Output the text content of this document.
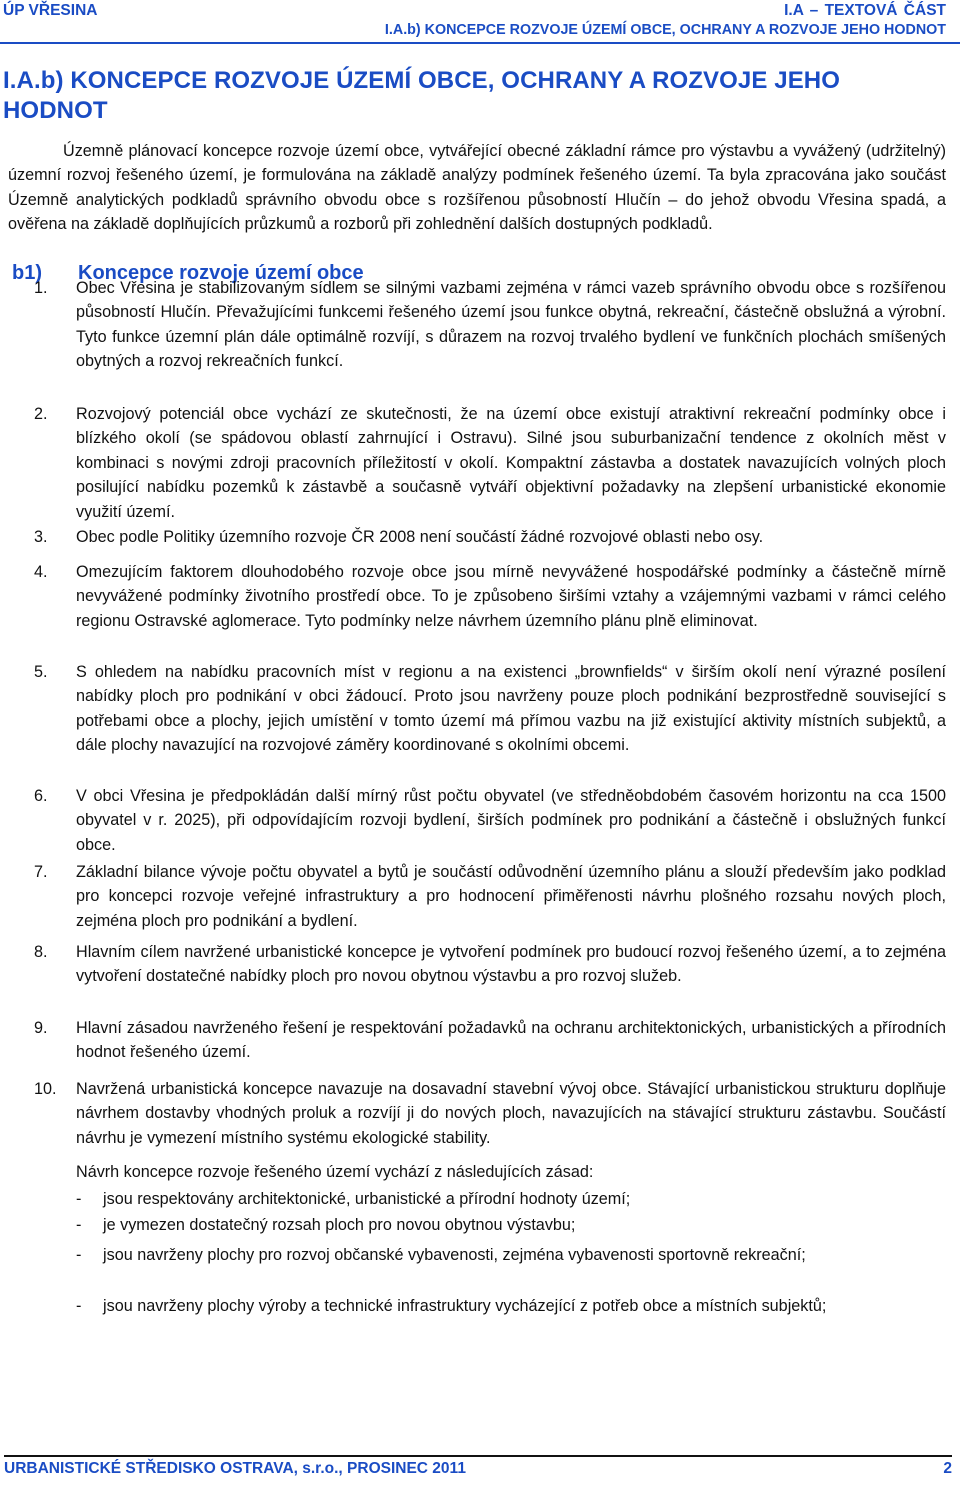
ÚP VŘESINA	I.A – TEXTOVÁ ČÁST
I.A.b) KONCEPCE ROZVOJE ÚZEMÍ OBCE, OCHRANY A ROZVOJE JEHO HODNOT
I.A.b) KONCEPCE ROZVOJE ÚZEMÍ OBCE, OCHRANY A ROZVOJE JEHO HODNOT
Územně plánovací koncepce rozvoje území obce, vytvářející obecné základní rámce pro výstavbu a vyvážený (udržitelný) územní rozvoj řešeného území, je formulována na základě analýzy podmínek řešeného území. Ta byla zpracována jako součást Územně analytických podkladů správního obvodu obce s rozšířenou působností Hlučín – do jehož obvodu Vřesina spadá, a ověřena na základě doplňujících průzkumů a rozborů při zohlednění dalších dostupných podkladů.
b1) Koncepce rozvoje území obce
1. Obec Vřesina je stabilizovaným sídlem se silnými vazbami zejména v rámci vazeb správního obvodu obce s rozšířenou působností Hlučín. Převažujícími funkcemi řešeného území jsou funkce obytná, rekreační, částečně obslužná a výrobní. Tyto funkce územní plán dále optimálně rozvíjí, s důrazem na rozvoj trvalého bydlení ve funkčních plochách smíšených obytných a rozvoj rekreačních funkcí.
2. Rozvojový potenciál obce vychází ze skutečnosti, že na území obce existují atraktivní rekreační podmínky obce i blízkého okolí (se spádovou oblastí zahrnující i Ostravu). Silné jsou suburbanizační tendence z okolních měst v kombinaci s novými zdroji pracovních příležitostí v okolí. Kompaktní zástavba a dostatek navazujících volných ploch posilující nabídku pozemků k zástavbě a současně vytváří objektivní požadavky na zlepšení urbanistické ekonomie využití území.
3. Obec podle Politiky územního rozvoje ČR 2008 není součástí žádné rozvojové oblasti nebo osy.
4. Omezujícím faktorem dlouhodobého rozvoje obce jsou mírně nevyvážené hospodářské podmínky a částečně mírně nevyvážené podmínky životního prostředí obce. To je způsobeno širšími vztahy a vzájemnými vazbami v rámci celého regionu Ostravské aglomerace. Tyto podmínky nelze návrhem územního plánu plně eliminovat.
5. S ohledem na nabídku pracovních míst v regionu a na existenci „brownfields“ v širším okolí není výrazné posílení nabídky ploch pro podnikání v obci žádoucí. Proto jsou navrženy pouze ploch podnikání bezprostředně související s potřebami obce a plochy, jejich umístění v tomto území má přímou vazbu na již existující aktivity místních subjektů, a dále plochy navazující na rozvojové záměry koordinované s okolními obcemi.
6. V obci Vřesina je předpokládán další mírný růst počtu obyvatel (ve středněobdobém časovém horizontu na cca 1500 obyvatel v r. 2025), při odpovídajícím rozvoji bydlení, širších podmínek pro podnikání a částečně i obslužných funkcí obce.
7. Základní bilance vývoje počtu obyvatel a bytů je součástí odůvodnění územního plánu a slouží především jako podklad pro koncepci rozvoje veřejné infrastruktury a pro hodnocení přiměřenosti návrhu plošného rozsahu nových ploch, zejména ploch pro podnikání a bydlení.
8. Hlavním cílem navržené urbanistické koncepce je vytvoření podmínek pro budoucí rozvoj řešeného území, a to zejména vytvoření dostatečné nabídky ploch pro novou obytnou výstavbu a pro rozvoj služeb.
9. Hlavní zásadou navrženého řešení je respektování požadavků na ochranu architektonických, urbanistických a přírodních hodnot řešeného území.
10. Navržená urbanistická koncepce navazuje na dosavadní stavební vývoj obce. Stávající urbanistickou strukturu doplňuje návrhem dostavby vhodných proluk a rozvíjí ji do nových ploch, navazujících na stávající strukturu zástavbu. Součástí návrhu je vymezení místního systému ekologické stability.
Návrh koncepce rozvoje řešeného území vychází z následujících zásad:
- jsou respektovány architektonické, urbanistické a přírodní hodnoty území;
- je vymezen dostatečný rozsah ploch pro novou obytnou výstavbu;
- jsou navrženy plochy pro rozvoj občanské vybavenosti, zejména vybavenosti sportovně rekreační;
- jsou navrženy plochy výroby a technické infrastruktury vycházející z potřeb obce a místních subjektů;
URBANISTICKÉ STŘEDISKO OSTRAVA, s.r.o., PROSINEC 2011	2
